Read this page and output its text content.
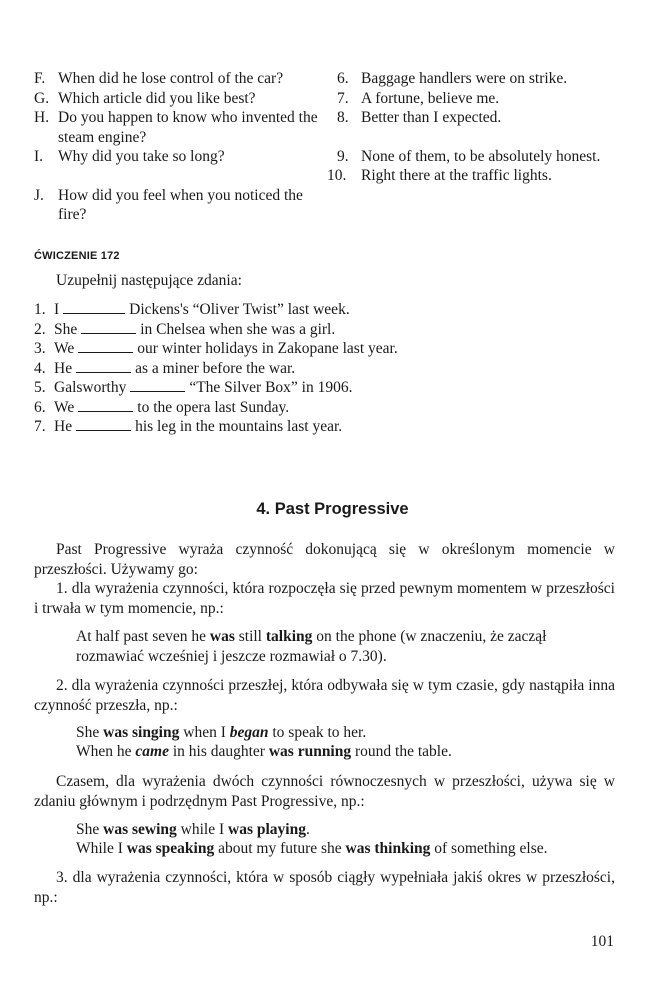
F. When did he lose control of the car?
G. Which article did you like best?
H. Do you happen to know who invented the steam engine?
I. Why did you take so long?
J. How did you feel when you noticed the fire?
6. Baggage handlers were on strike.
7. A fortune, believe me.
8. Better than I expected.
9. None of them, to be absolutely honest.
10. Right there at the traffic lights.
ĆWICZENIE 172
Uzupełnij następujące zdania:
1. I	Dickens's “Oliver Twist” last week.
2. She	in Chelsea when she was a girl.
3. We	our winter holidays in Zakopane last year.
4. He	as a miner before the war.
5. Galsworthy	“The Silver Box” in 1906.
6. We	to the opera last Sunday.
7. He	his leg in the mountains last year.
4. Past Progressive
Past Progressive wyraża czynność dokonującą się w określonym momencie w przeszłości. Używamy go:
1. dla wyrażenia czynności, która rozpoczęła się przed pewnym momentem w przeszłości i trwała w tym momencie, np.:
At half past seven he was still talking on the phone (w znaczeniu, że zaczął rozmawiać wcześniej i jeszcze rozmawiał o 7.30).
2. dla wyrażenia czynności przeszłej, która odbywała się w tym czasie, gdy nastąpiła inna czynność przeszła, np.:
She was singing when I began to speak to her.
When he came in his daughter was running round the table.
Czasem, dla wyrażenia dwóch czynności równoczesnych w przeszłości, używa się w zdaniu głównym i podrzędnym Past Progressive, np.:
She was sewing while I was playing.
While I was speaking about my future she was thinking of something else.
3. dla wyrażenia czynności, która w sposób ciągły wypełniała jakiś okres w przeszłości, np.:
101
